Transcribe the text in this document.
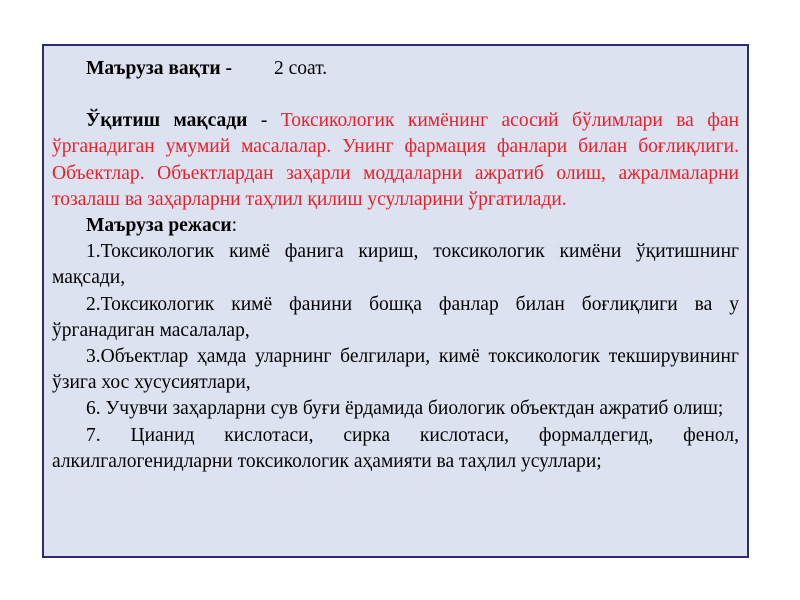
Маъруза вақти - 2 соат.

Ўқитиш мақсади - Токсикологик кимёнинг асосий бўлимлари ва фан ўрганадиган умумий масалалар. Унинг фармация фанлари билан боғлиқлиги. Объектлар. Объектлардан заҳарли моддаларни ажратиб олиш, ажралмаларни тозалаш ва заҳарларни таҳлил қилиш усулларини ўргатилади.

Маъруза режаси:

1.Токсикологик кимё фанига кириш, токсикологик кимёни ўқитишнинг мақсади,

2.Токсикологик кимё фанини бошқа фанлар билан боғлиқлиги ва у ўрганадиган масалалар,

3.Объектлар ҳамда уларнинг белгилари, кимё токсикологик текширувининг ўзига хос хусусиятлари,

6. Учувчи заҳарларни сув буғи ёрдамида биологик объектдан ажратиб олиш;

7. Цианид кислотаси, сирка кислотаси, формалдегид, фенол, алкилгалогенидларни токсикологик аҳамияти ва таҳлил усуллари;
